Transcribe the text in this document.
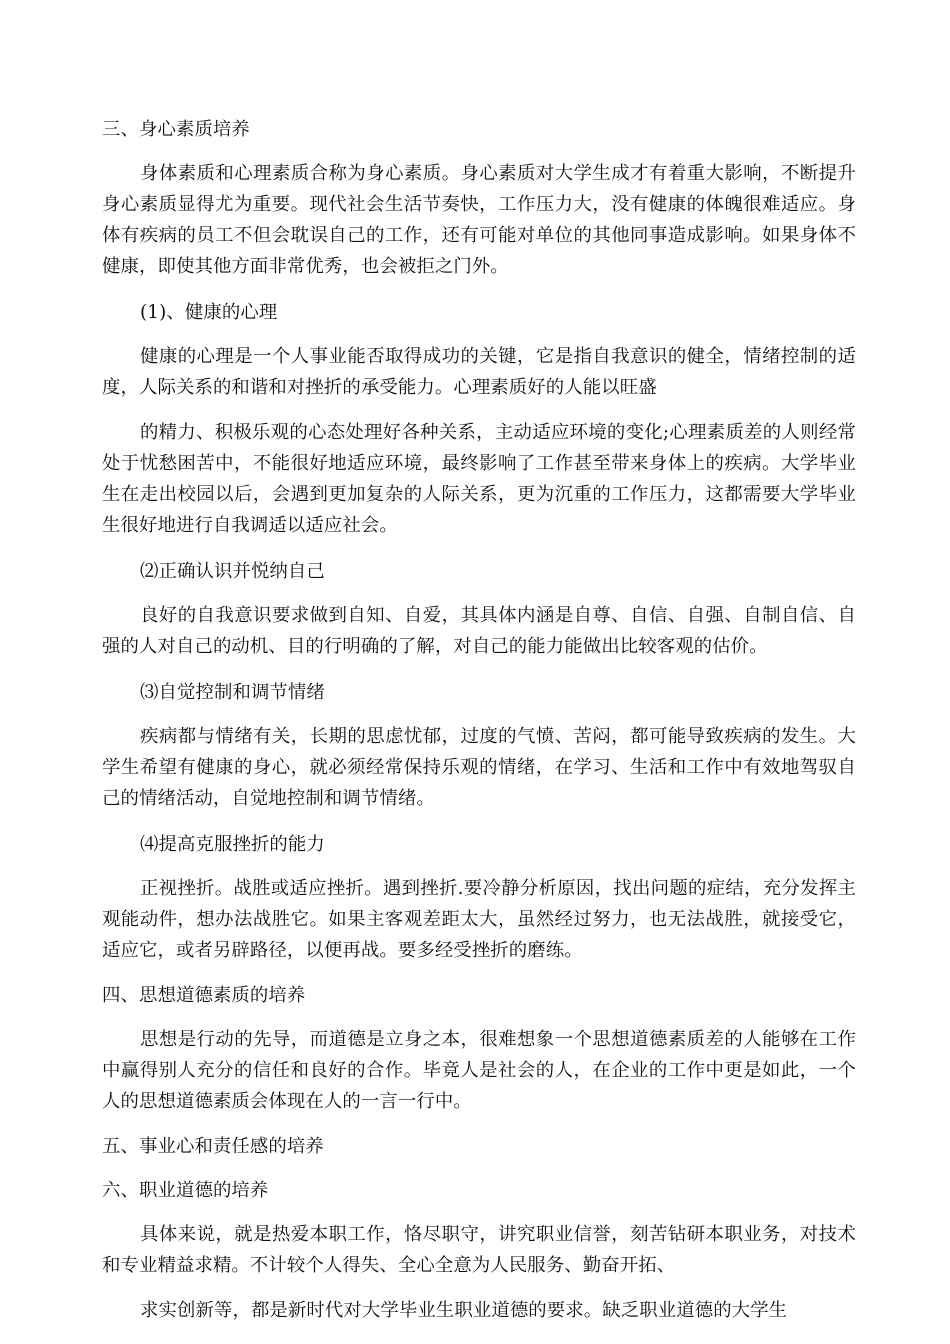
三、身心素质培养

身体素质和心理素质合称为身心素质。身心素质对大学生成才有着重大影响，不断提升身心素质显得尤为重要。现代社会生活节奏快，工作压力大，没有健康的体魄很难适应。身体有疾病的员工不但会耽误自己的工作，还有可能对单位的其他同事造成影响。如果身体不健康，即使其他方面非常优秀，也会被拒之门外。

(1)、健康的心理

健康的心理是一个人事业能否取得成功的关键，它是指自我意识的健全，情绪控制的适度，人际关系的和谐和对挫折的承受能力。心理素质好的人能以旺盛

的精力、积极乐观的心态处理好各种关系，主动适应环境的变化;心理素质差的人则经常处于忧愁困苦中，不能很好地适应环境，最终影响了工作甚至带来身体上的疾病。大学毕业生在走出校园以后，会遇到更加复杂的人际关系，更为沉重的工作压力，这都需要大学毕业生很好地进行自我调适以适应社会。

⑵正确认识并悦纳自己

良好的自我意识要求做到自知、自爱，其具体内涵是自尊、自信、自强、自制自信、自强的人对自己的动机、目的行明确的了解，对自己的能力能做出比较客观的估价。

⑶自觉控制和调节情绪

疾病都与情绪有关，长期的思虑忧郁，过度的气愤、苦闷，都可能导致疾病的发生。大学生希望有健康的身心，就必须经常保持乐观的情绪，在学习、生活和工作中有效地驾驭自己的情绪活动，自觉地控制和调节情绪。

⑷提高克服挫折的能力

正视挫折。战胜或适应挫折。遇到挫折.要冷静分析原因，找出问题的症结，充分发挥主观能动件，想办法战胜它。如果主客观差距太大，虽然经过努力，也无法战胜，就接受它，适应它，或者另辟路径，以便再战。要多经受挫折的磨练。

四、思想道德素质的培养

思想是行动的先导，而道德是立身之本，很难想象一个思想道德素质差的人能够在工作中赢得别人充分的信任和良好的合作。毕竟人是社会的人，在企业的工作中更是如此，一个人的思想道德素质会体现在人的一言一行中。

五、事业心和责任感的培养

六、职业道德的培养

具体来说，就是热爱本职工作，恪尽职守，讲究职业信誉，刻苦钻研本职业务，对技术和专业精益求精。不计较个人得失、全心全意为人民服务、勤奋开拓、

求实创新等，都是新时代对大学毕业生职业道德的要求。缺乏职业道德的大学生
